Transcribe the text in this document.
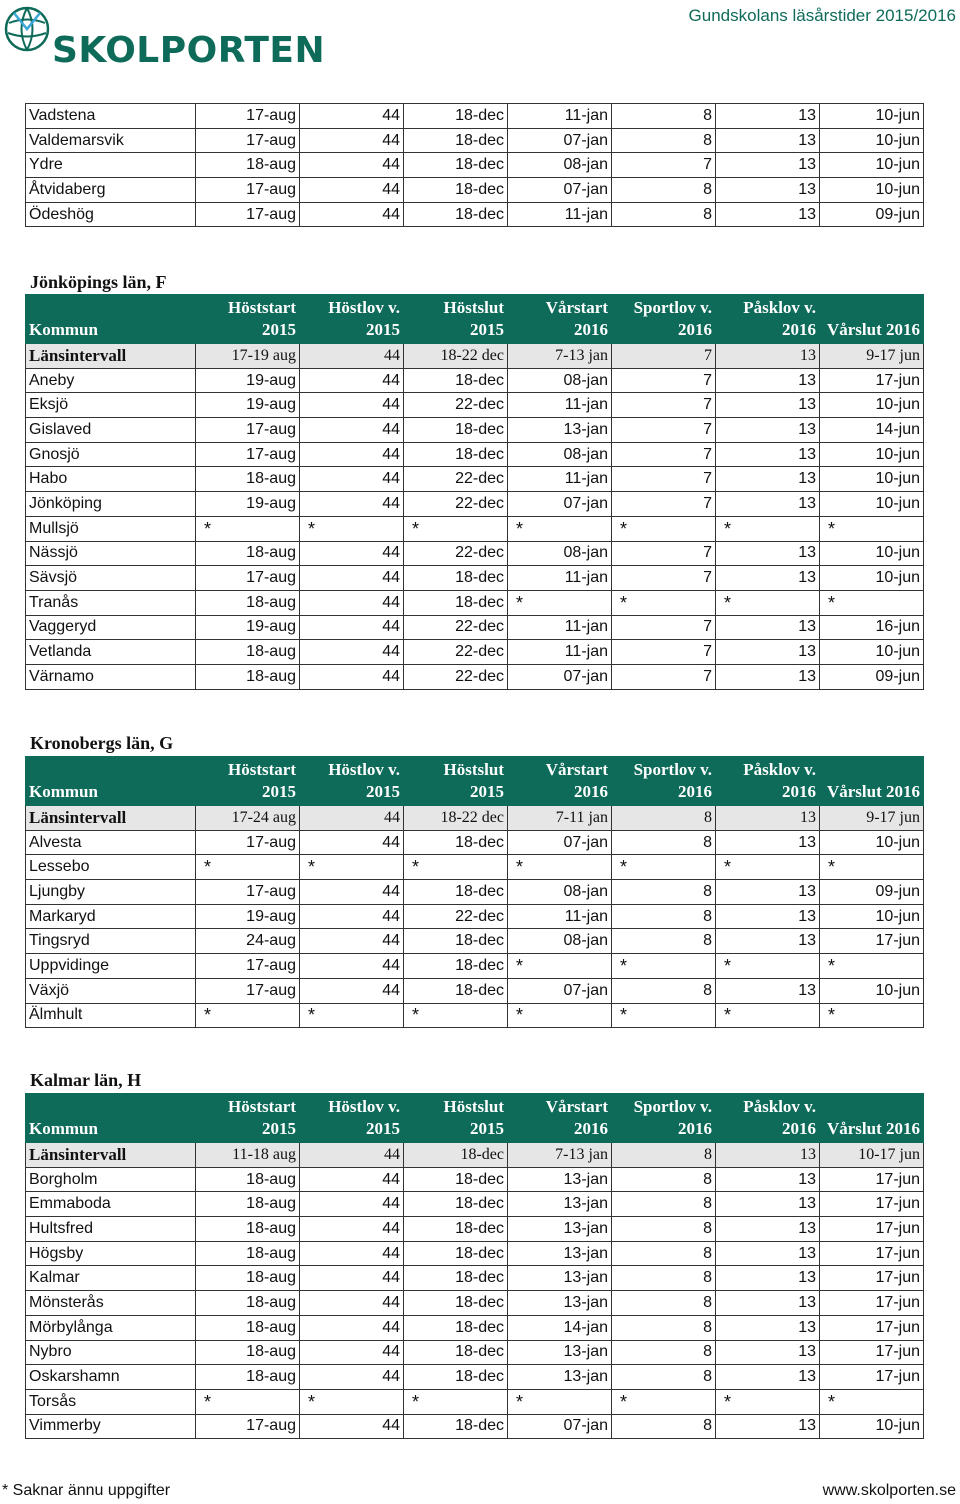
SKOLPORTEN
Gundskolans läsårstider 2015/2016
Vadstena	17-aug	44	18-dec	11-jan	8	13	10-jun
Valdemarsvik	17-aug	44	18-dec	07-jan	8	13	10-jun
Ydre	18-aug	44	18-dec	08-jan	7	13	10-jun
Åtvidaberg	17-aug	44	18-dec	07-jan	8	13	10-jun
Ödeshög	17-aug	44	18-dec	11-jan	8	13	09-jun
Jönköpings län, F
Kommun	Höststart 2015	Höstlov v. 2015	Höstslut 2015	Vårstart 2016	Sportlov v. 2016	Påsklov v. 2016	Vårslut 2016
Länsintervall	17-19 aug	44	18-22 dec	7-13 jan	7	13	9-17 jun
Aneby	19-aug	44	18-dec	08-jan	7	13	17-jun
Eksjö	19-aug	44	22-dec	11-jan	7	13	10-jun
Gislaved	17-aug	44	18-dec	13-jan	7	13	14-jun
Gnosjö	17-aug	44	18-dec	08-jan	7	13	10-jun
Habo	18-aug	44	22-dec	11-jan	7	13	10-jun
Jönköping	19-aug	44	22-dec	07-jan	7	13	10-jun
Mullsjö	*	*	*	*	*	*	*
Nässjö	18-aug	44	22-dec	08-jan	7	13	10-jun
Sävsjö	17-aug	44	18-dec	11-jan	7	13	10-jun
Tranås	18-aug	44	18-dec	*	*	*	*
Vaggeryd	19-aug	44	22-dec	11-jan	7	13	16-jun
Vetlanda	18-aug	44	22-dec	11-jan	7	13	10-jun
Värnamo	18-aug	44	22-dec	07-jan	7	13	09-jun
Kronobergs län, G
Kommun	Höststart 2015	Höstlov v. 2015	Höstslut 2015	Vårstart 2016	Sportlov v. 2016	Påsklov v. 2016	Vårslut 2016
Länsintervall	17-24 aug	44	18-22 dec	7-11 jan	8	13	9-17 jun
Alvesta	17-aug	44	18-dec	07-jan	8	13	10-jun
Lessebo	*	*	*	*	*	*	*
Ljungby	17-aug	44	18-dec	08-jan	8	13	09-jun
Markaryd	19-aug	44	22-dec	11-jan	8	13	10-jun
Tingsryd	24-aug	44	18-dec	08-jan	8	13	17-jun
Uppvidinge	17-aug	44	18-dec	*	*	*	*
Växjö	17-aug	44	18-dec	07-jan	8	13	10-jun
Älmhult	*	*	*	*	*	*	*
Kalmar län, H
Kommun	Höststart 2015	Höstlov v. 2015	Höstslut 2015	Vårstart 2016	Sportlov v. 2016	Påsklov v. 2016	Vårslut 2016
Länsintervall	11-18 aug	44	18-dec	7-13 jan	8	13	10-17 jun
Borgholm	18-aug	44	18-dec	13-jan	8	13	17-jun
Emmaboda	18-aug	44	18-dec	13-jan	8	13	17-jun
Hultsfred	18-aug	44	18-dec	13-jan	8	13	17-jun
Högsby	18-aug	44	18-dec	13-jan	8	13	17-jun
Kalmar	18-aug	44	18-dec	13-jan	8	13	17-jun
Mönsterås	18-aug	44	18-dec	13-jan	8	13	17-jun
Mörbylånga	18-aug	44	18-dec	14-jan	8	13	17-jun
Nybro	18-aug	44	18-dec	13-jan	8	13	17-jun
Oskarshamn	18-aug	44	18-dec	13-jan	8	13	17-jun
Torsås	*	*	*	*	*	*	*
Vimmerby	17-aug	44	18-dec	07-jan	8	13	10-jun
* Saknar ännu uppgifter	www.skolporten.se
